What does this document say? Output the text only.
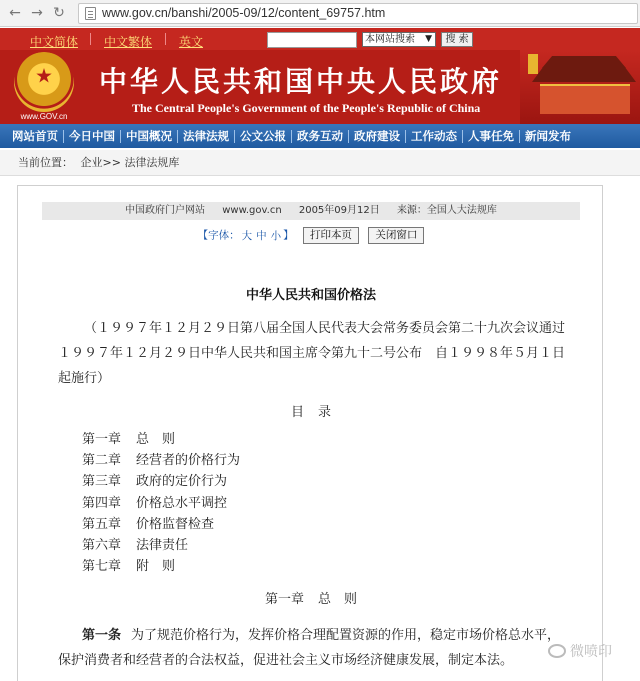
← → ↻	www.gov.cn/banshi/2005-09/12/content_69757.htm
中文简体 中文繁体 英文	本网站搜索 ▼	搜 索
www.GOV.cn
中华人民共和国中央人民政府
The Central People's Government of the People's Republic of China
网站首页 今日中国 中国概况 法律法规 公文公报 政务互动 政府建设 工作动态 人事任免 新闻发布
当前位置： 企业>> 法律法规库
中国政府门户网站 www.gov.cn 2005年09月12日 来源：全国人大法规库
【字体： 大 中 小 】 打印本页 关闭窗口
中华人民共和国价格法
（１９９７年１２月２９日第八届全国人民代表大会常务委员会第二十九次会议通过　１９９７年１２月２９日中华人民共和国主席令第九十二号公布　自１９９８年５月１日起施行）
目录
第一章 总　则
第二章 经营者的价格行为
第三章 政府的定价行为
第四章 价格总水平调控
第五章 价格监督检查
第六章 法律责任
第七章 附　则
第一章 总　则
第一条 为了规范价格行为，发挥价格合理配置资源的作用，稳定市场价格总水平，保护消费者和经营者的合法权益，促进社会主义市场经济健康发展，制定本法。
微喷印
